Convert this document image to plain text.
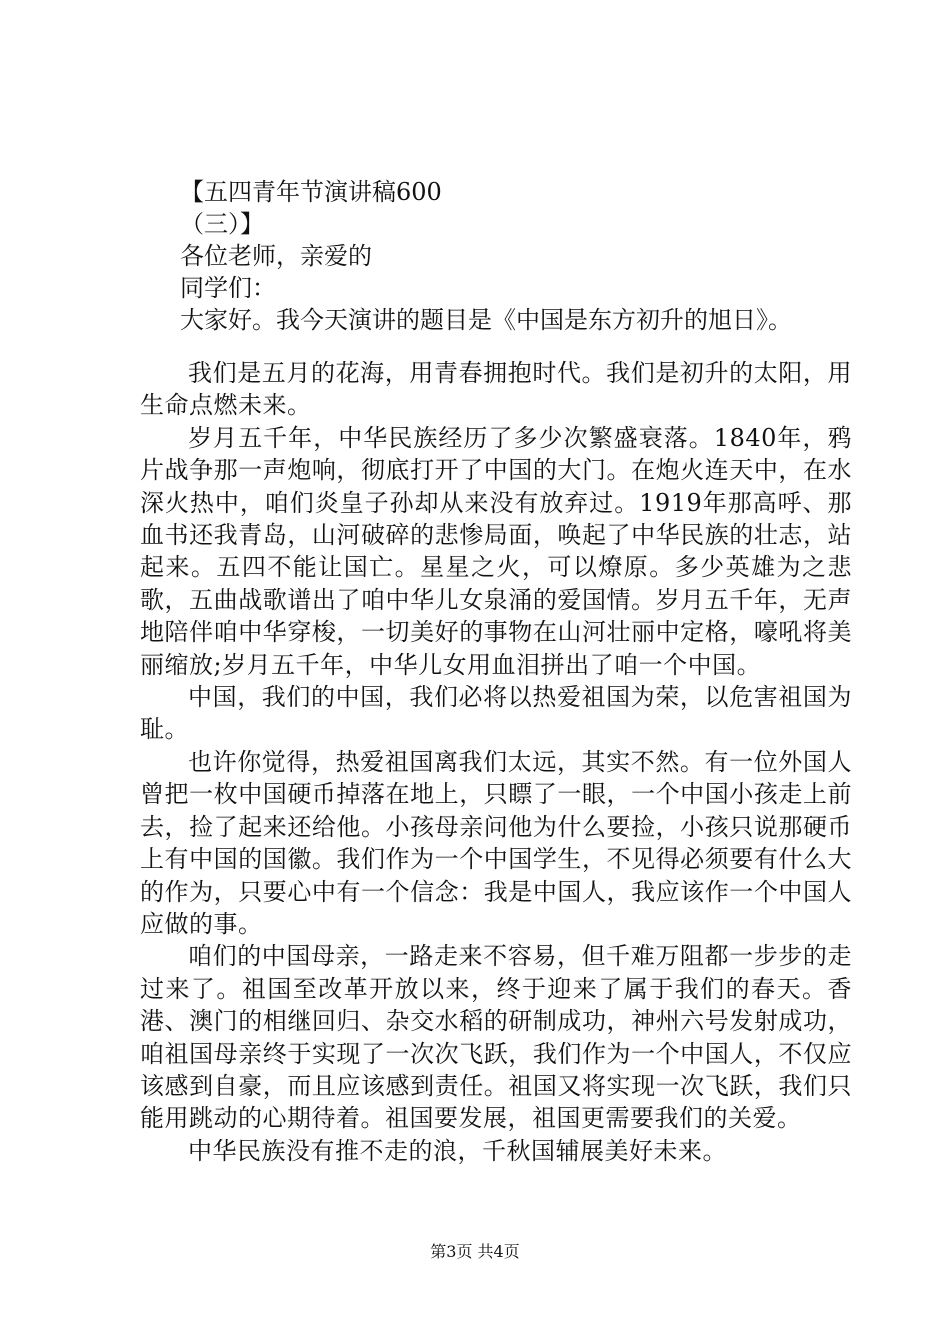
【五四青年节演讲稿600
（三）】
各位老师，亲爱的
同学们：
大家好。我今天演讲的题目是《中国是东方初升的旭日》。

我们是五月的花海，用青春拥抱时代。我们是初升的太阳，用生命点燃未来。

岁月五千年，中华民族经历了多少次繁盛衰落。1840年，鸦片战争那一声炮响，彻底打开了中国的大门。在炮火连天中，在水深火热中，咱们炎皇子孙却从来没有放弃过。1919年那高呼、那血书还我青岛，山河破碎的悲惨局面，唤起了中华民族的壮志，站起来。五四不能让国亡。星星之火，可以燎原。多少英雄为之悲歌，五曲战歌谱出了咱中华儿女泉涌的爱国情。岁月五千年，无声地陪伴咱中华穿梭，一切美好的事物在山河壮丽中定格，嚎吼将美丽缩放;岁月五千年，中华儿女用血泪拼出了咱一个中国。

中国，我们的中国，我们必将以热爱祖国为荣，以危害祖国为耻。

也许你觉得，热爱祖国离我们太远，其实不然。有一位外国人曾把一枚中国硬币掉落在地上，只瞟了一眼，一个中国小孩走上前去，捡了起来还给他。小孩母亲问他为什么要捡，小孩只说那硬币上有中国的国徽。我们作为一个中国学生，不见得必须要有什么大的作为，只要心中有一个信念：我是中国人，我应该作一个中国人应做的事。

咱们的中国母亲，一路走来不容易，但千难万阻都一步步的走过来了。祖国至改革开放以来，终于迎来了属于我们的春天。香港、澳门的相继回归、杂交水稻的研制成功，神州六号发射成功，咱祖国母亲终于实现了一次次飞跃，我们作为一个中国人，不仅应该感到自豪，而且应该感到责任。祖国又将实现一次飞跃，我们只能用跳动的心期待着。祖国要发展，祖国更需要我们的关爱。

中华民族没有推不走的浪，千秋国辅展美好未来。

第3页 共4页
